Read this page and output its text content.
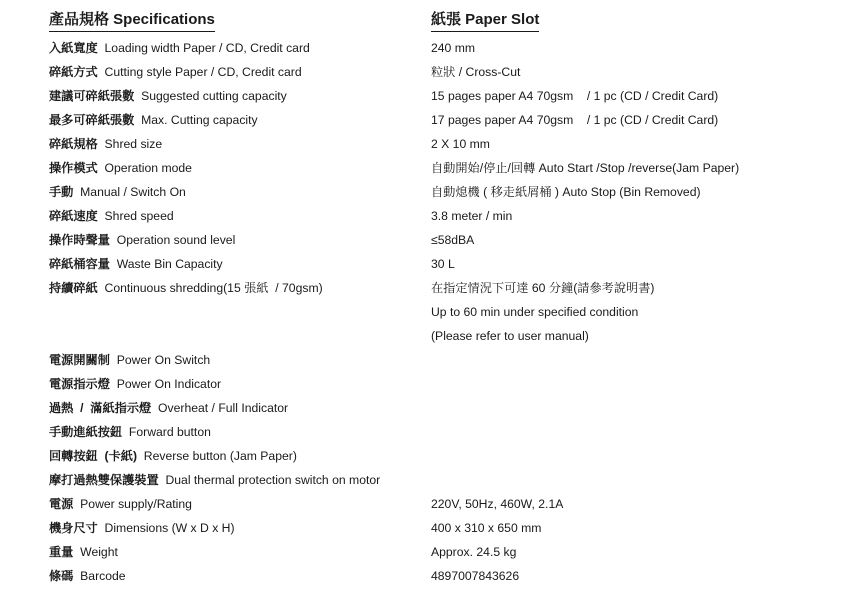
產品規格 Specifications	紙張 Paper Slot
入紙寬度 Loading width Paper / CD, Credit card	240 mm
碎紙方式 Cutting style Paper / CD, Credit card	粒狀 / Cross-Cut
建議可碎紙張數 Suggested cutting capacity	15 pages paper A4 70gsm    / 1 pc (CD / Credit Card)
最多可碎紙張數 Max. Cutting capacity	17 pages paper A4 70gsm    / 1 pc (CD / Credit Card)
碎紙規格 Shred size	2 X 10 mm
操作模式 Operation mode	自動開始/停止/回轉 Auto Start /Stop /reverse(Jam Paper)
手動 Manual / Switch On	自動熄機 ( 移走紙屑桶 ) Auto Stop (Bin Removed)
碎紙速度 Shred speed	3.8 meter / min
操作時聲量 Operation sound level	≤58dBA
碎紙桶容量 Waste Bin Capacity	30 L
持續碎紙 Continuous shredding(15 張紙  / 70gsm)	在指定情況下可達 60 分鐘(請參考說明書)
Up to 60 min under specified condition
(Please refer to user manual)
電源開關制 Power On Switch
電源指示燈 Power On Indicator
過熱  /  滿紙指示燈 Overheat / Full Indicator
手動進紙按鈕 Forward button
回轉按鈕  (卡紙) Reverse button (Jam Paper)
摩打過熱雙保護裝置 Dual thermal protection switch on motor
電源 Power supply/Rating	220V, 50Hz, 460W, 2.1A
機身尺寸 Dimensions (W x D x H)	400 x 310 x 650 mm
重量 Weight	Approx. 24.5 kg
條碼 Barcode	4897007843626
